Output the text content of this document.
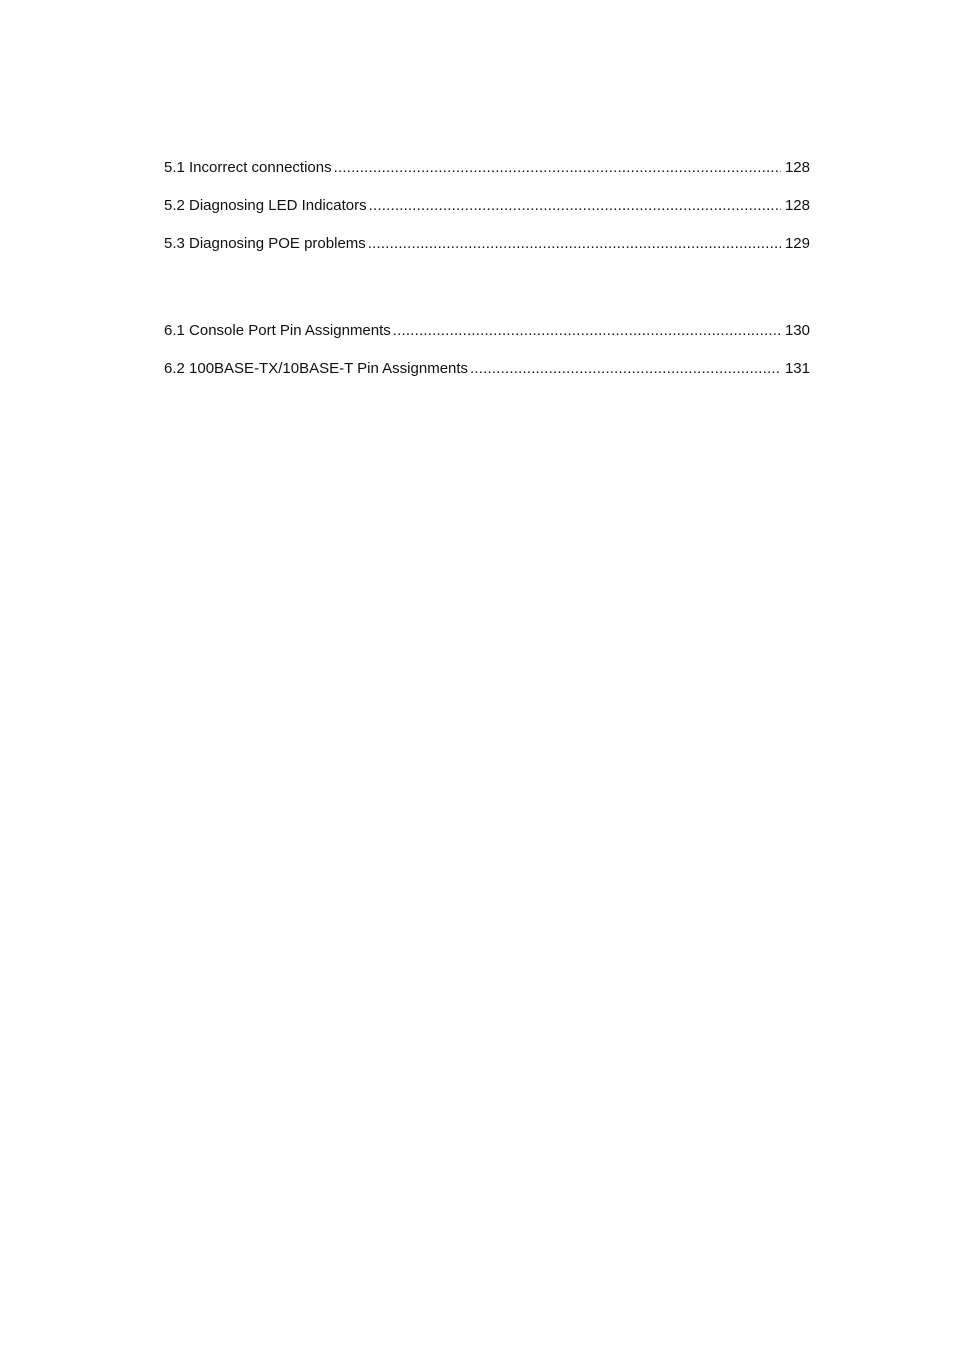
5.1 Incorrect connections .....	128
5.2 Diagnosing LED Indicators .....	128
5.3 Diagnosing POE problems .....	129
6.1 Console Port Pin Assignments .....	130
6.2 100BASE-TX/10BASE-T Pin Assignments .....	131
